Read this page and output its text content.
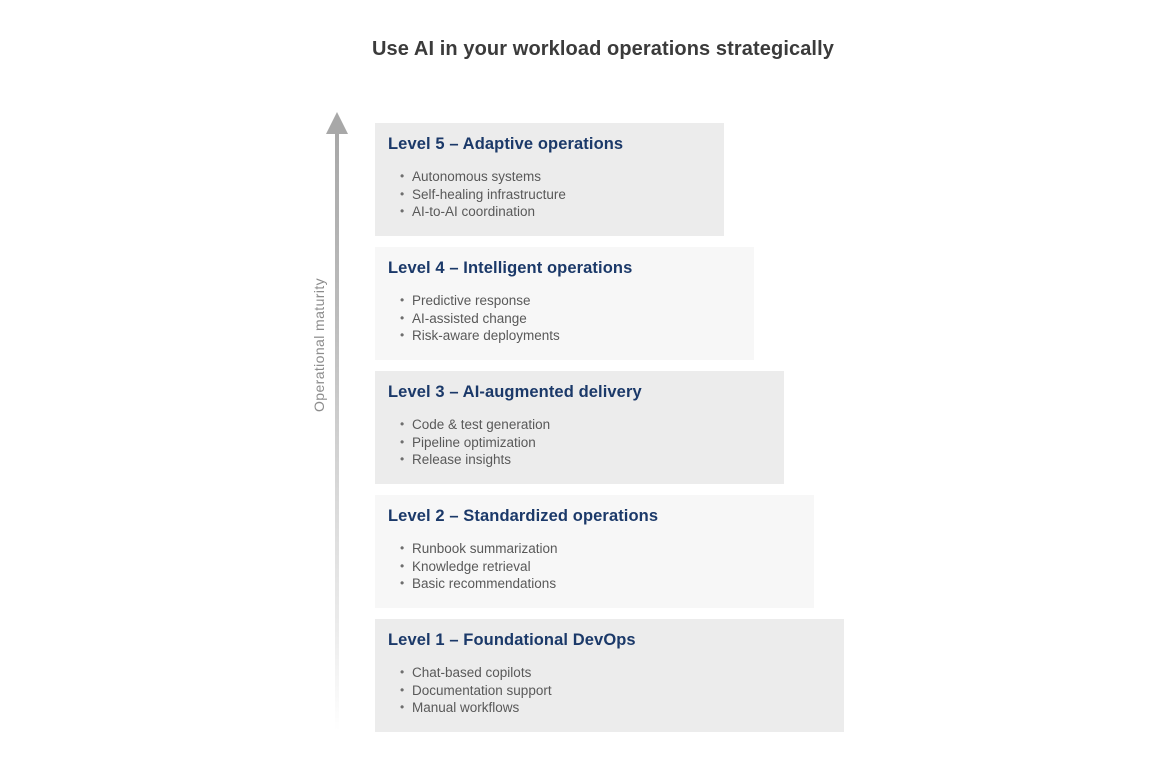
Use AI in your workload operations strategically
Operational maturity
Level 5 – Adaptive operations
• Autonomous systems
• Self-healing infrastructure
• AI-to-AI coordination
Level 4 – Intelligent operations
• Predictive response
• AI-assisted change
• Risk-aware deployments
Level 3 – AI-augmented delivery
• Code & test generation
• Pipeline optimization
• Release insights
Level 2 – Standardized operations
• Runbook summarization
• Knowledge retrieval
• Basic recommendations
Level 1 – Foundational DevOps
• Chat-based copilots
• Documentation support
• Manual workflows
